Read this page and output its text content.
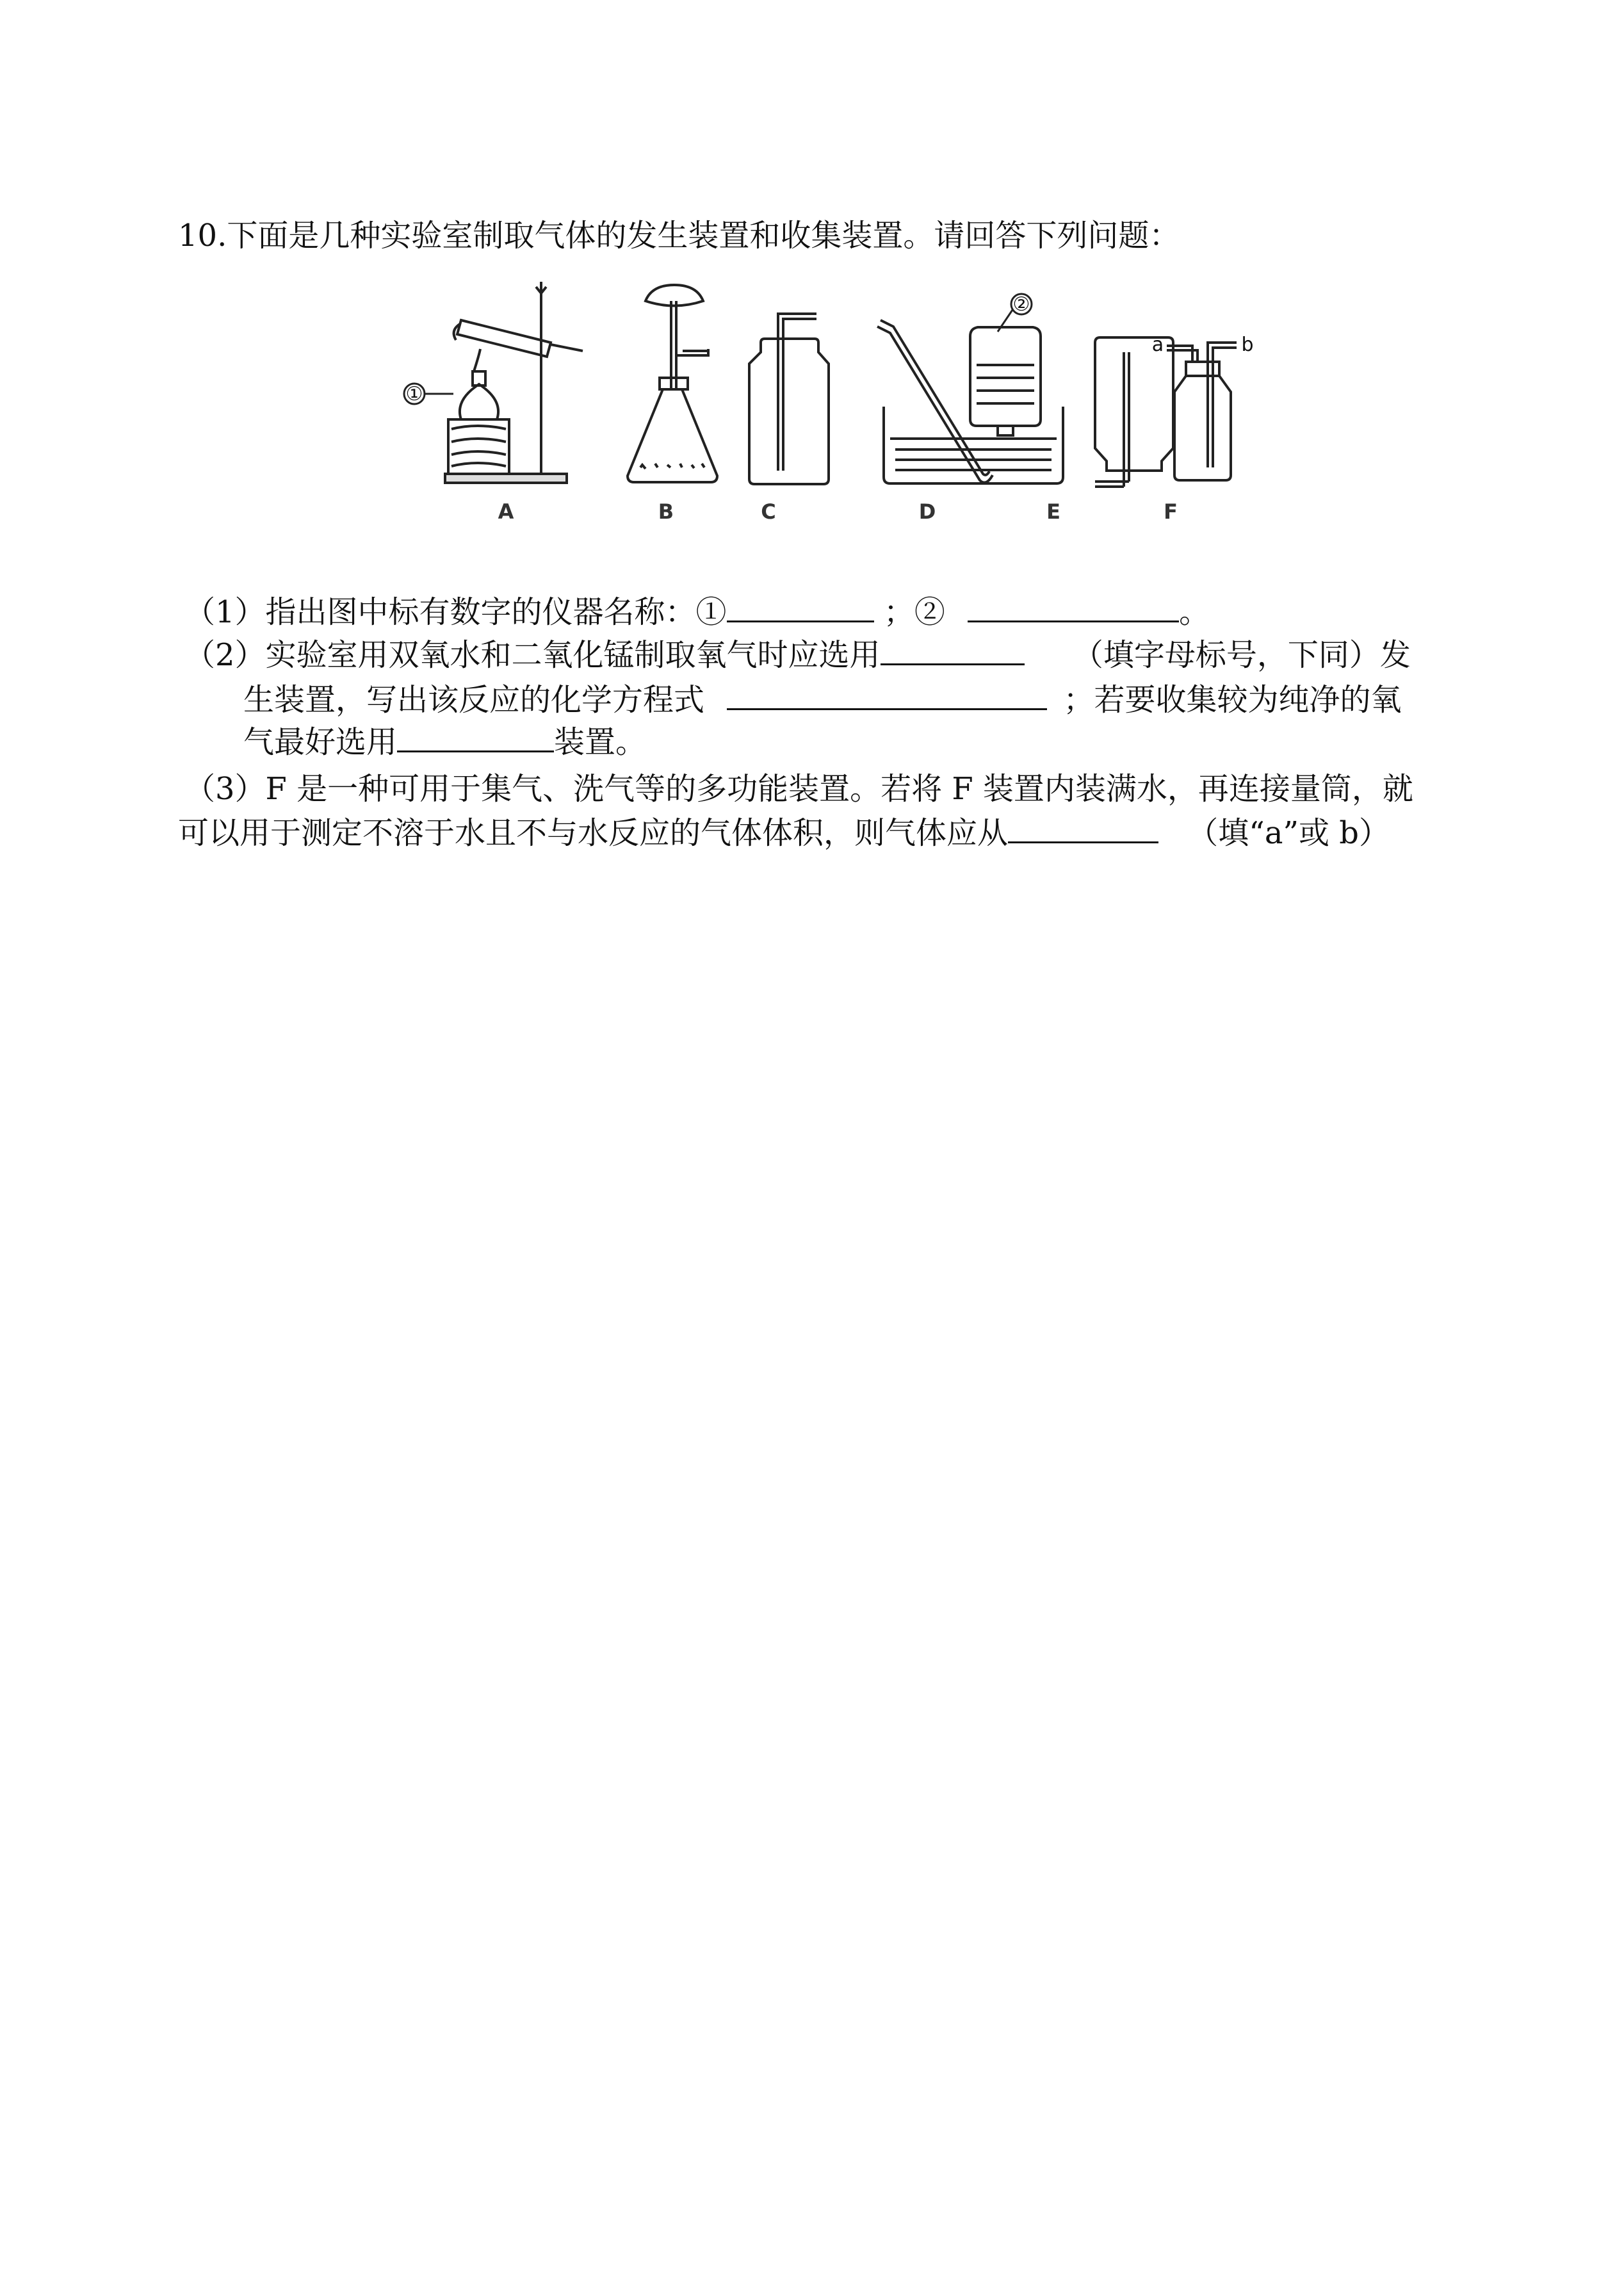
10.下面是几种实验室制取气体的发生装置和收集装置。请回答下列问题：
①
②
a	b
A	B	C	D	E	F
（1）指出图中标有数字的仪器名称：①	；②	。
（2）实验室用双氧水和二氧化锰制取氧气时应选用	（填字母标号，下同）发
生装置，写出该反应的化学方程式	；若要收集较为纯净的氧
气最好选用	装置。
（3）F 是一种可用于集气、洗气等的多功能装置。若将 F 装置内装满水，再连接量筒，就
可以用于测定不溶于水且不与水反应的气体体积，则气体应从	（填“a”或 b）
